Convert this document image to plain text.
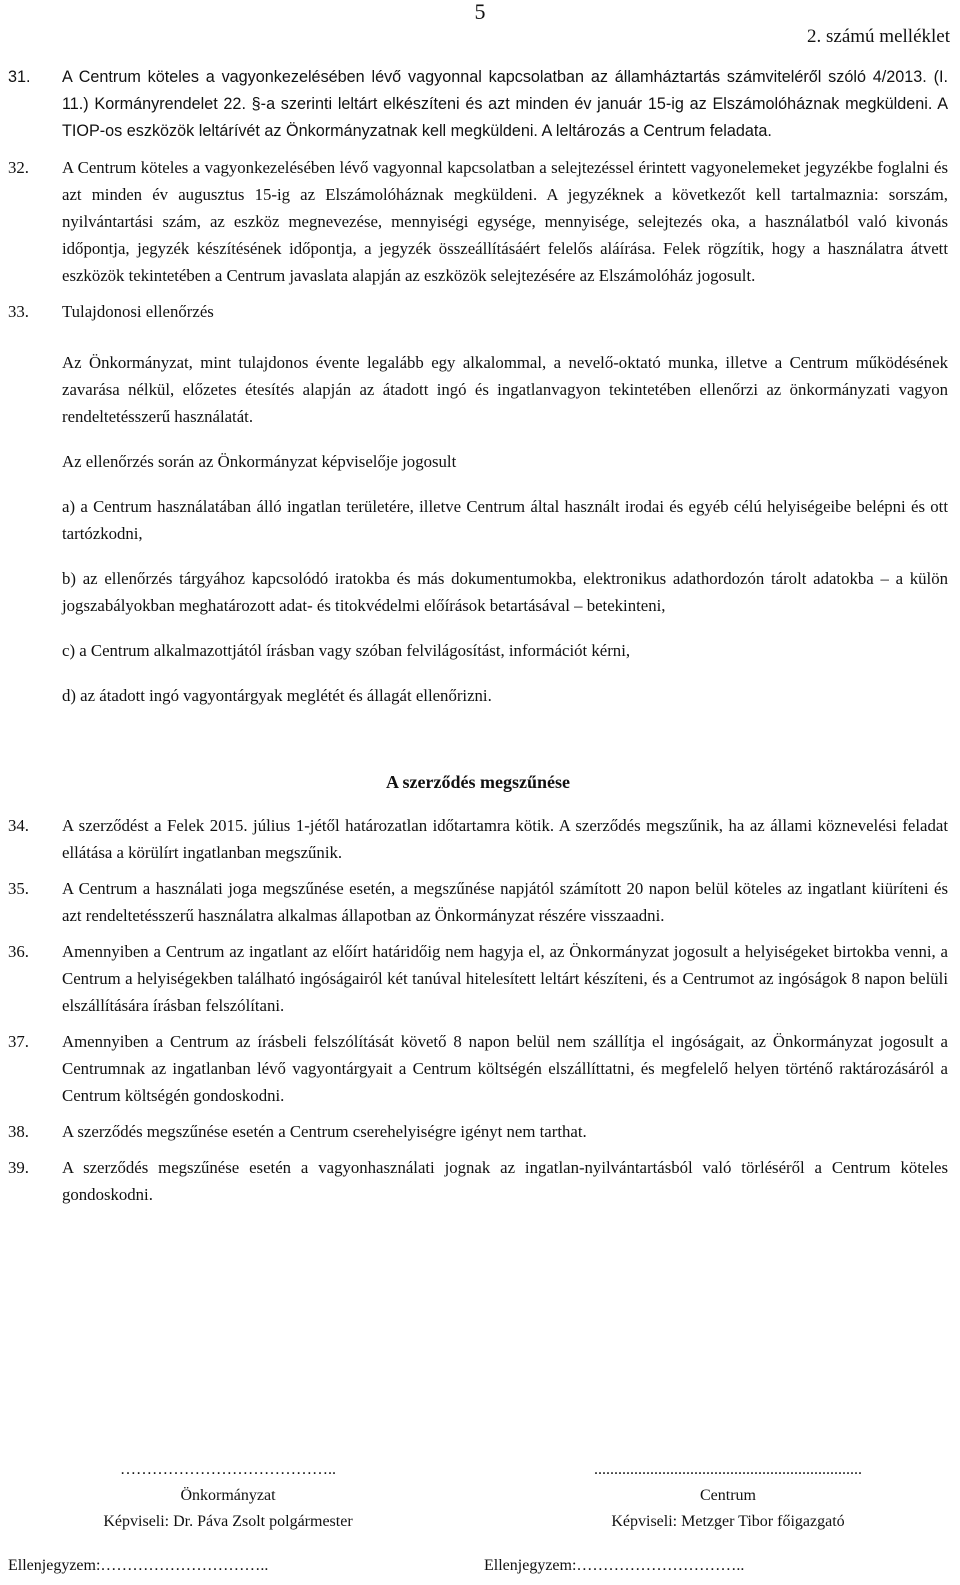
5
2. számú melléklet
31. A Centrum köteles a vagyonkezelésében lévő vagyonnal kapcsolatban az államháztartás számviteléről szóló 4/2013. (I. 11.) Kormányrendelet 22. §-a szerinti leltárt elkészíteni és azt minden év január 15-ig az Elszámolóháznak megküldeni. A TIOP-os eszközök leltárívét az Önkormányzatnak kell megküldeni. A leltározás a Centrum feladata.

32. A Centrum köteles a vagyonkezelésében lévő vagyonnal kapcsolatban a selejtezéssel érintett vagyonelemeket jegyzékbe foglalni és azt minden év augusztus 15-ig az Elszámolóháznak megküldeni. A jegyzéknek a következőt kell tartalmaznia: sorszám, nyilvántartási szám, az eszköz megnevezése, mennyiségi egysége, mennyisége, selejtezés oka, a használatból való kivonás időpontja, jegyzék készítésének időpontja, a jegyzék összeállításáért felelős aláírása. Felek rögzítik, hogy a használatra átvett eszközök tekintetében a Centrum javaslata alapján az eszközök selejtezésére az Elszámolóház jogosult.

33. Tulajdonosi ellenőrzés

Az Önkormányzat, mint tulajdonos évente legalább egy alkalommal, a nevelő-oktató munka, illetve a Centrum működésének zavarása nélkül, előzetes étesítés alapján az átadott ingó és ingatlanvagyon tekintetében ellenőrzi az önkormányzati vagyon rendeltetésszerű használatát.

Az ellenőrzés során az Önkormányzat képviselője jogosult

a) a Centrum használatában álló ingatlan területére, illetve Centrum által használt irodai és egyéb célú helyiségeibe belépni és ott tartózkodni,

b) az ellenőrzés tárgyához kapcsolódó iratokba és más dokumentumokba, elektronikus adathordozón tárolt adatokba – a külön jogszabályokban meghatározott adat- és titokvédelmi előírások betartásával – betekinteni,

c) a Centrum alkalmazottjától írásban vagy szóban felvilágosítást, információt kérni,

d) az átadott ingó vagyontárgyak meglétét és állagát ellenőrizni.

A szerződés megszűnése
34. A szerződést a Felek 2015. július 1-jétől határozatlan időtartamra kötik. A szerződés megszűnik, ha az állami köznevelési feladat ellátása a körülírt ingatlanban megszűnik.

35. A Centrum a használati joga megszűnése esetén, a megszűnése napjától számított 20 napon belül köteles az ingatlant kiüríteni és azt rendeltetésszerű használatra alkalmas állapotban az Önkormányzat részére visszaadni.

36. Amennyiben a Centrum az ingatlant az előírt határidőig nem hagyja el, az Önkormányzat jogosult a helyiségeket birtokba venni, a Centrum a helyiségekben található ingóságairól két tanúval hitelesített leltárt készíteni, és a Centrumot az ingóságok 8 napon belüli elszállítására írásban felszólítani.

37. Amennyiben a Centrum az írásbeli felszólítását követő 8 napon belül nem szállítja el ingóságait, az Önkormányzat jogosult a Centrumnak az ingatlanban lévő vagyontárgyait a Centrum költségén elszállíttatni, és megfelelő helyen történő raktározásáról a Centrum költségén gondoskodni.

38. A szerződés megszűnése esetén a Centrum cserehelyiségre igényt nem tarthat.

39. A szerződés megszűnése esetén a vagyonhasználati jognak az ingatlan-nyilvántartásból való törléséről a Centrum köteles gondoskodni.

…………………………………..
Önkormányzat
Képviseli: Dr. Páva Zsolt polgármester
...................................................................
Centrum
Képviseli: Metzger Tibor főigazgató
Ellenjegyzem:…………………………..	Ellenjegyzem:…………………………..
